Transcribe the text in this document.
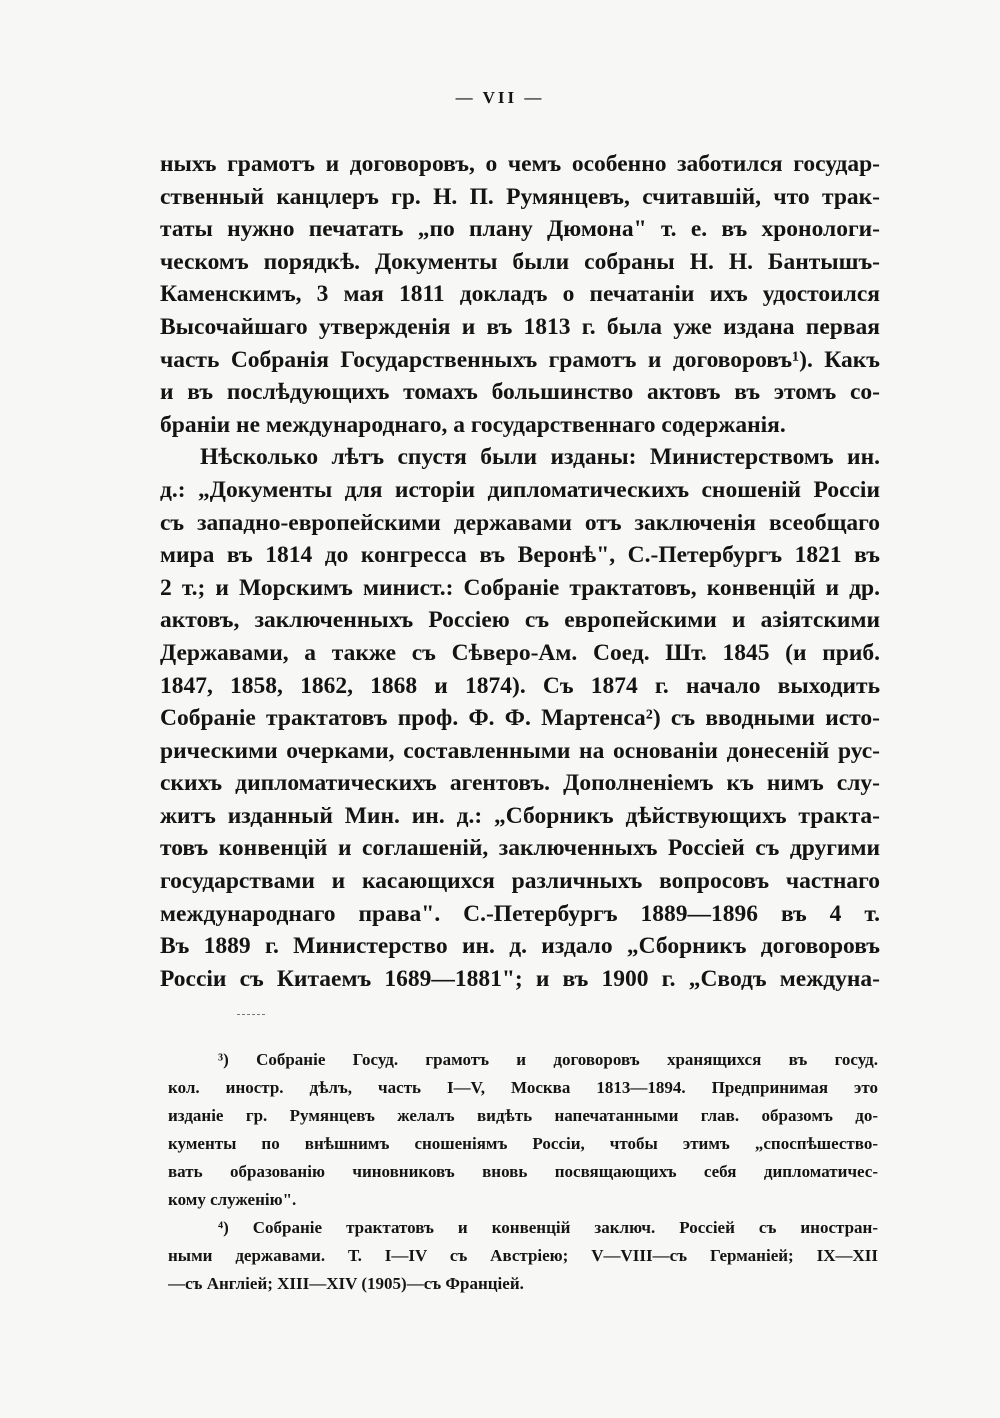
— VII —
ныхъ грамотъ и договоровъ, о чемъ особенно заботился государ-
ственный канцлеръ гр. Н. П. Румянцевъ, считавшій, что трак-
таты нужно печатать „по плану Дюмона" т. е. въ хронологи-
ческомъ порядкѣ. Документы были собраны Н. Н. Бантышъ-
Каменскимъ, 3 мая 1811 докладъ о печатаніи ихъ удостоился
Высочайшаго утвержденія и въ 1813 г. была уже издана первая
часть Собранія Государственныхъ грамотъ и договоровъ¹). Какъ
и въ послѣдующихъ томахъ большинство актовъ въ этомъ со-
браніи не международнаго, а государственнаго содержанія.
Нѣсколько лѣтъ спустя были изданы: Министерствомъ ин.
д.: „Документы для исторіи дипломатическихъ сношеній Россіи
съ западно-европейскими державами отъ заключенія всеобщаго
мира въ 1814 до конгресса въ Веронѣ", С.-Петербургъ 1821 въ
2 т.; и Морскимъ минист.: Собраніе трактатовъ, конвенцій и др.
актовъ, заключенныхъ Россіею съ европейскими и азіятскими
Державами, а также съ Сѣверо-Ам. Соед. Шт. 1845 (и приб.
1847, 1858, 1862, 1868 и 1874). Съ 1874 г. начало выходить
Собраніе трактатовъ проф. Ф. Ф. Мартенса²) съ вводными исто-
рическими очерками, составленными на основаніи донесеній рус-
скихъ дипломатическихъ агентовъ. Дополненіемъ къ нимъ слу-
житъ изданный Мин. ин. д.: „Сборникъ дѣйствующихъ тракта-
товъ конвенцій и соглашеній, заключенныхъ Россіей съ другими
государствами и касающихся различныхъ вопросовъ частнаго
международнаго права". С.-Петербургъ 1889—1896 въ 4 т.
Въ 1889 г. Министерство ин. д. издало „Сборникъ договоровъ
Россіи съ Китаемъ 1689—1881"; и въ 1900 г. „Сводъ междуна-
³) Собраніе Госуд. грамотъ и договоровъ хранящихся въ госуд.
кол. иностр. дѣлъ, часть I—V, Москва 1813—1894. Предпринимая это
изданіе гр. Румянцевъ желалъ видѣть напечатанными глав. образомъ до-
кументы по внѣшнимъ сношеніямъ Россіи, чтобы этимъ „споспѣшество-
вать образованію чиновниковъ вновь посвящающихъ себя дипломатичес-
кому служенію".
⁴) Собраніе трактатовъ и конвенцій заключ. Россіей съ иностран-
ными державами. Т. I—IV съ Австріею; V—VIII—съ Германіей; IX—XII
—съ Англіей; XIII—XIV (1905)—съ Франціей.
